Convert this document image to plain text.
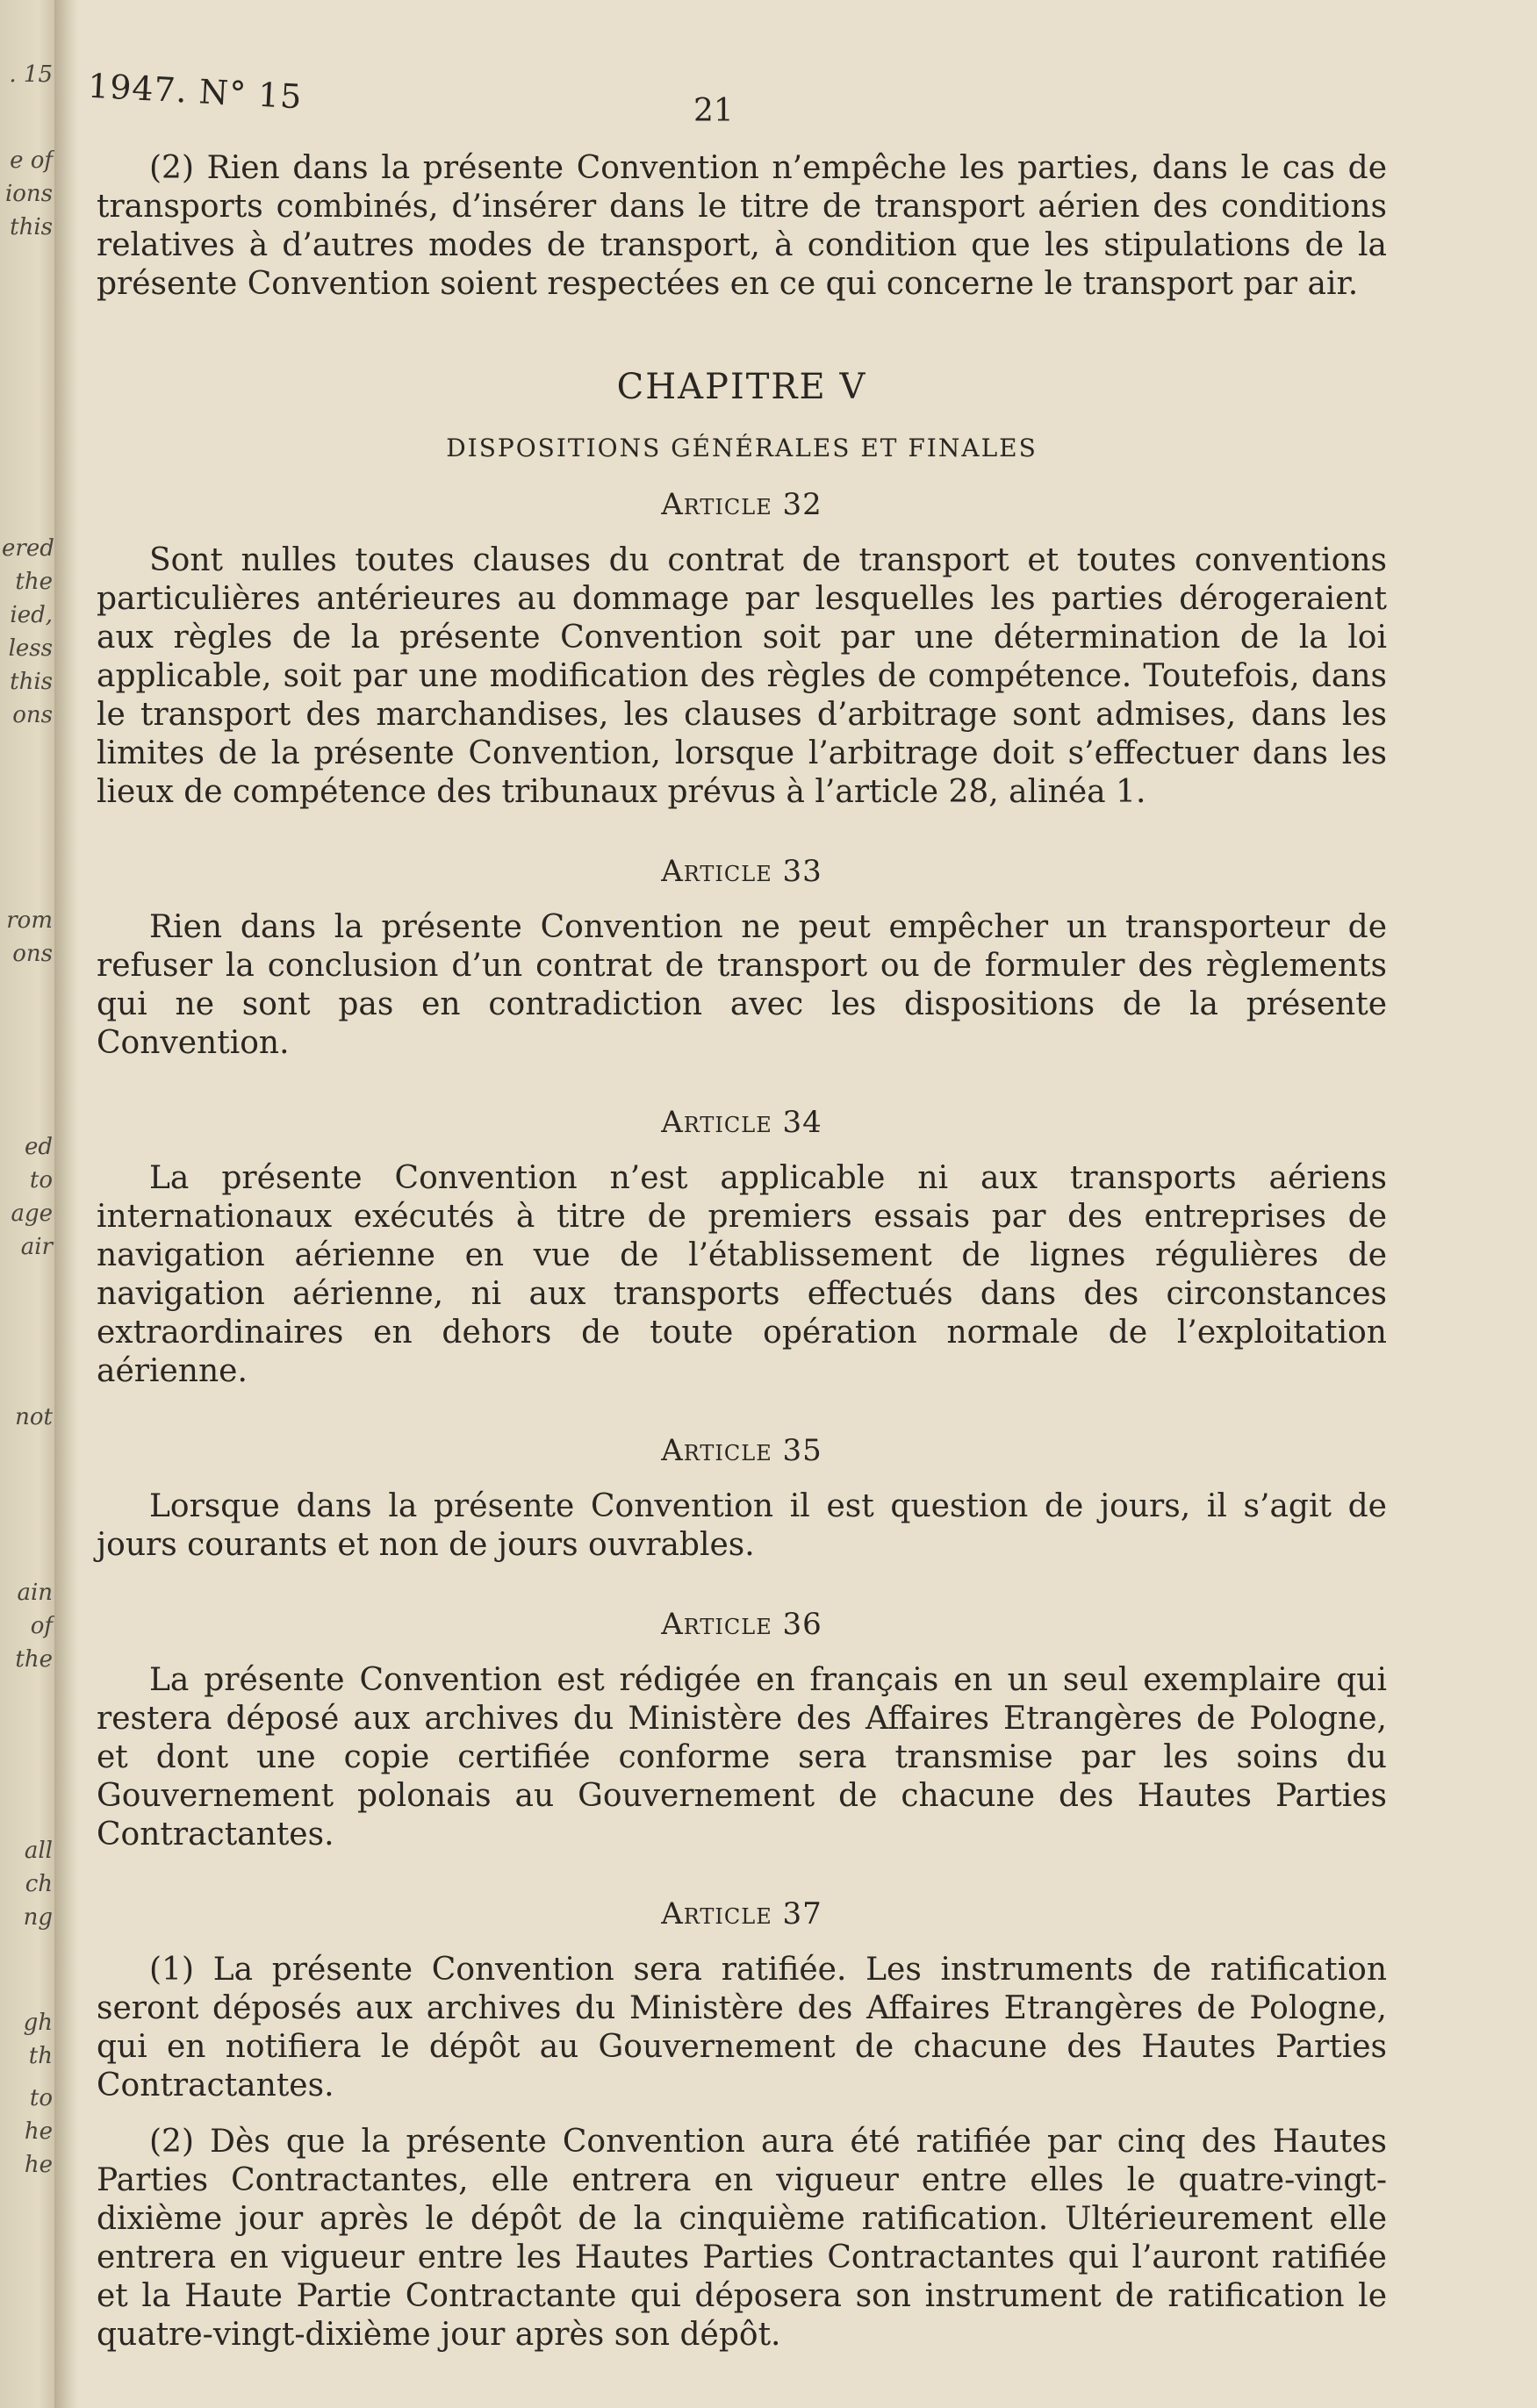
. 15
e of
ions
this
ered
the
ied,
less
this
ons
rom
ons
ed
to
age
air
not
ain
of
the
all
ch
ng
gh
th
to
he
he
1947. N° 15	21

(2) Rien dans la présente Convention n’empêche les parties, dans le cas de transports combinés, d’insérer dans le titre de transport aérien des conditions relatives à d’autres modes de transport, à condition que les stipulations de la présente Convention soient respectées en ce qui concerne le transport par air.

CHAPITRE V
DISPOSITIONS GÉNÉRALES ET FINALES
Article 32

Sont nulles toutes clauses du contrat de transport et toutes conventions particulières antérieures au dommage par lesquelles les parties dérogeraient aux règles de la présente Convention soit par une détermination de la loi applicable, soit par une modification des règles de compétence. Toutefois, dans le transport des marchandises, les clauses d’arbitrage sont admises, dans les limites de la présente Convention, lorsque l’arbitrage doit s’effectuer dans les lieux de compétence des tribunaux prévus à l’article 28, alinéa 1.

Article 33

Rien dans la présente Convention ne peut empêcher un transporteur de refuser la conclusion d’un contrat de transport ou de formuler des règlements qui ne sont pas en contradiction avec les dispositions de la présente Convention.

Article 34

La présente Convention n’est applicable ni aux transports aériens internationaux exécutés à titre de premiers essais par des entreprises de navigation aérienne en vue de l’établissement de lignes régulières de navigation aérienne, ni aux transports effectués dans des circonstances extraordinaires en dehors de toute opération normale de l’exploitation aérienne.

Article 35

Lorsque dans la présente Convention il est question de jours, il s’agit de jours courants et non de jours ouvrables.

Article 36

La présente Convention est rédigée en français en un seul exemplaire qui restera déposé aux archives du Ministère des Affaires Etrangères de Pologne, et dont une copie certifiée conforme sera transmise par les soins du Gouvernement polonais au Gouvernement de chacune des Hautes Parties Contractantes.

Article 37

(1) La présente Convention sera ratifiée. Les instruments de ratification seront déposés aux archives du Ministère des Affaires Etrangères de Pologne, qui en notifiera le dépôt au Gouvernement de chacune des Hautes Parties Contractantes.

(2) Dès que la présente Convention aura été ratifiée par cinq des Hautes Parties Contractantes, elle entrera en vigueur entre elles le quatre-vingt-dixième jour après le dépôt de la cinquième ratification. Ultérieurement elle entrera en vigueur entre les Hautes Parties Contractantes qui l’auront ratifiée et la Haute Partie Contractante qui déposera son instrument de ratification le quatre-vingt-dixième jour après son dépôt.
